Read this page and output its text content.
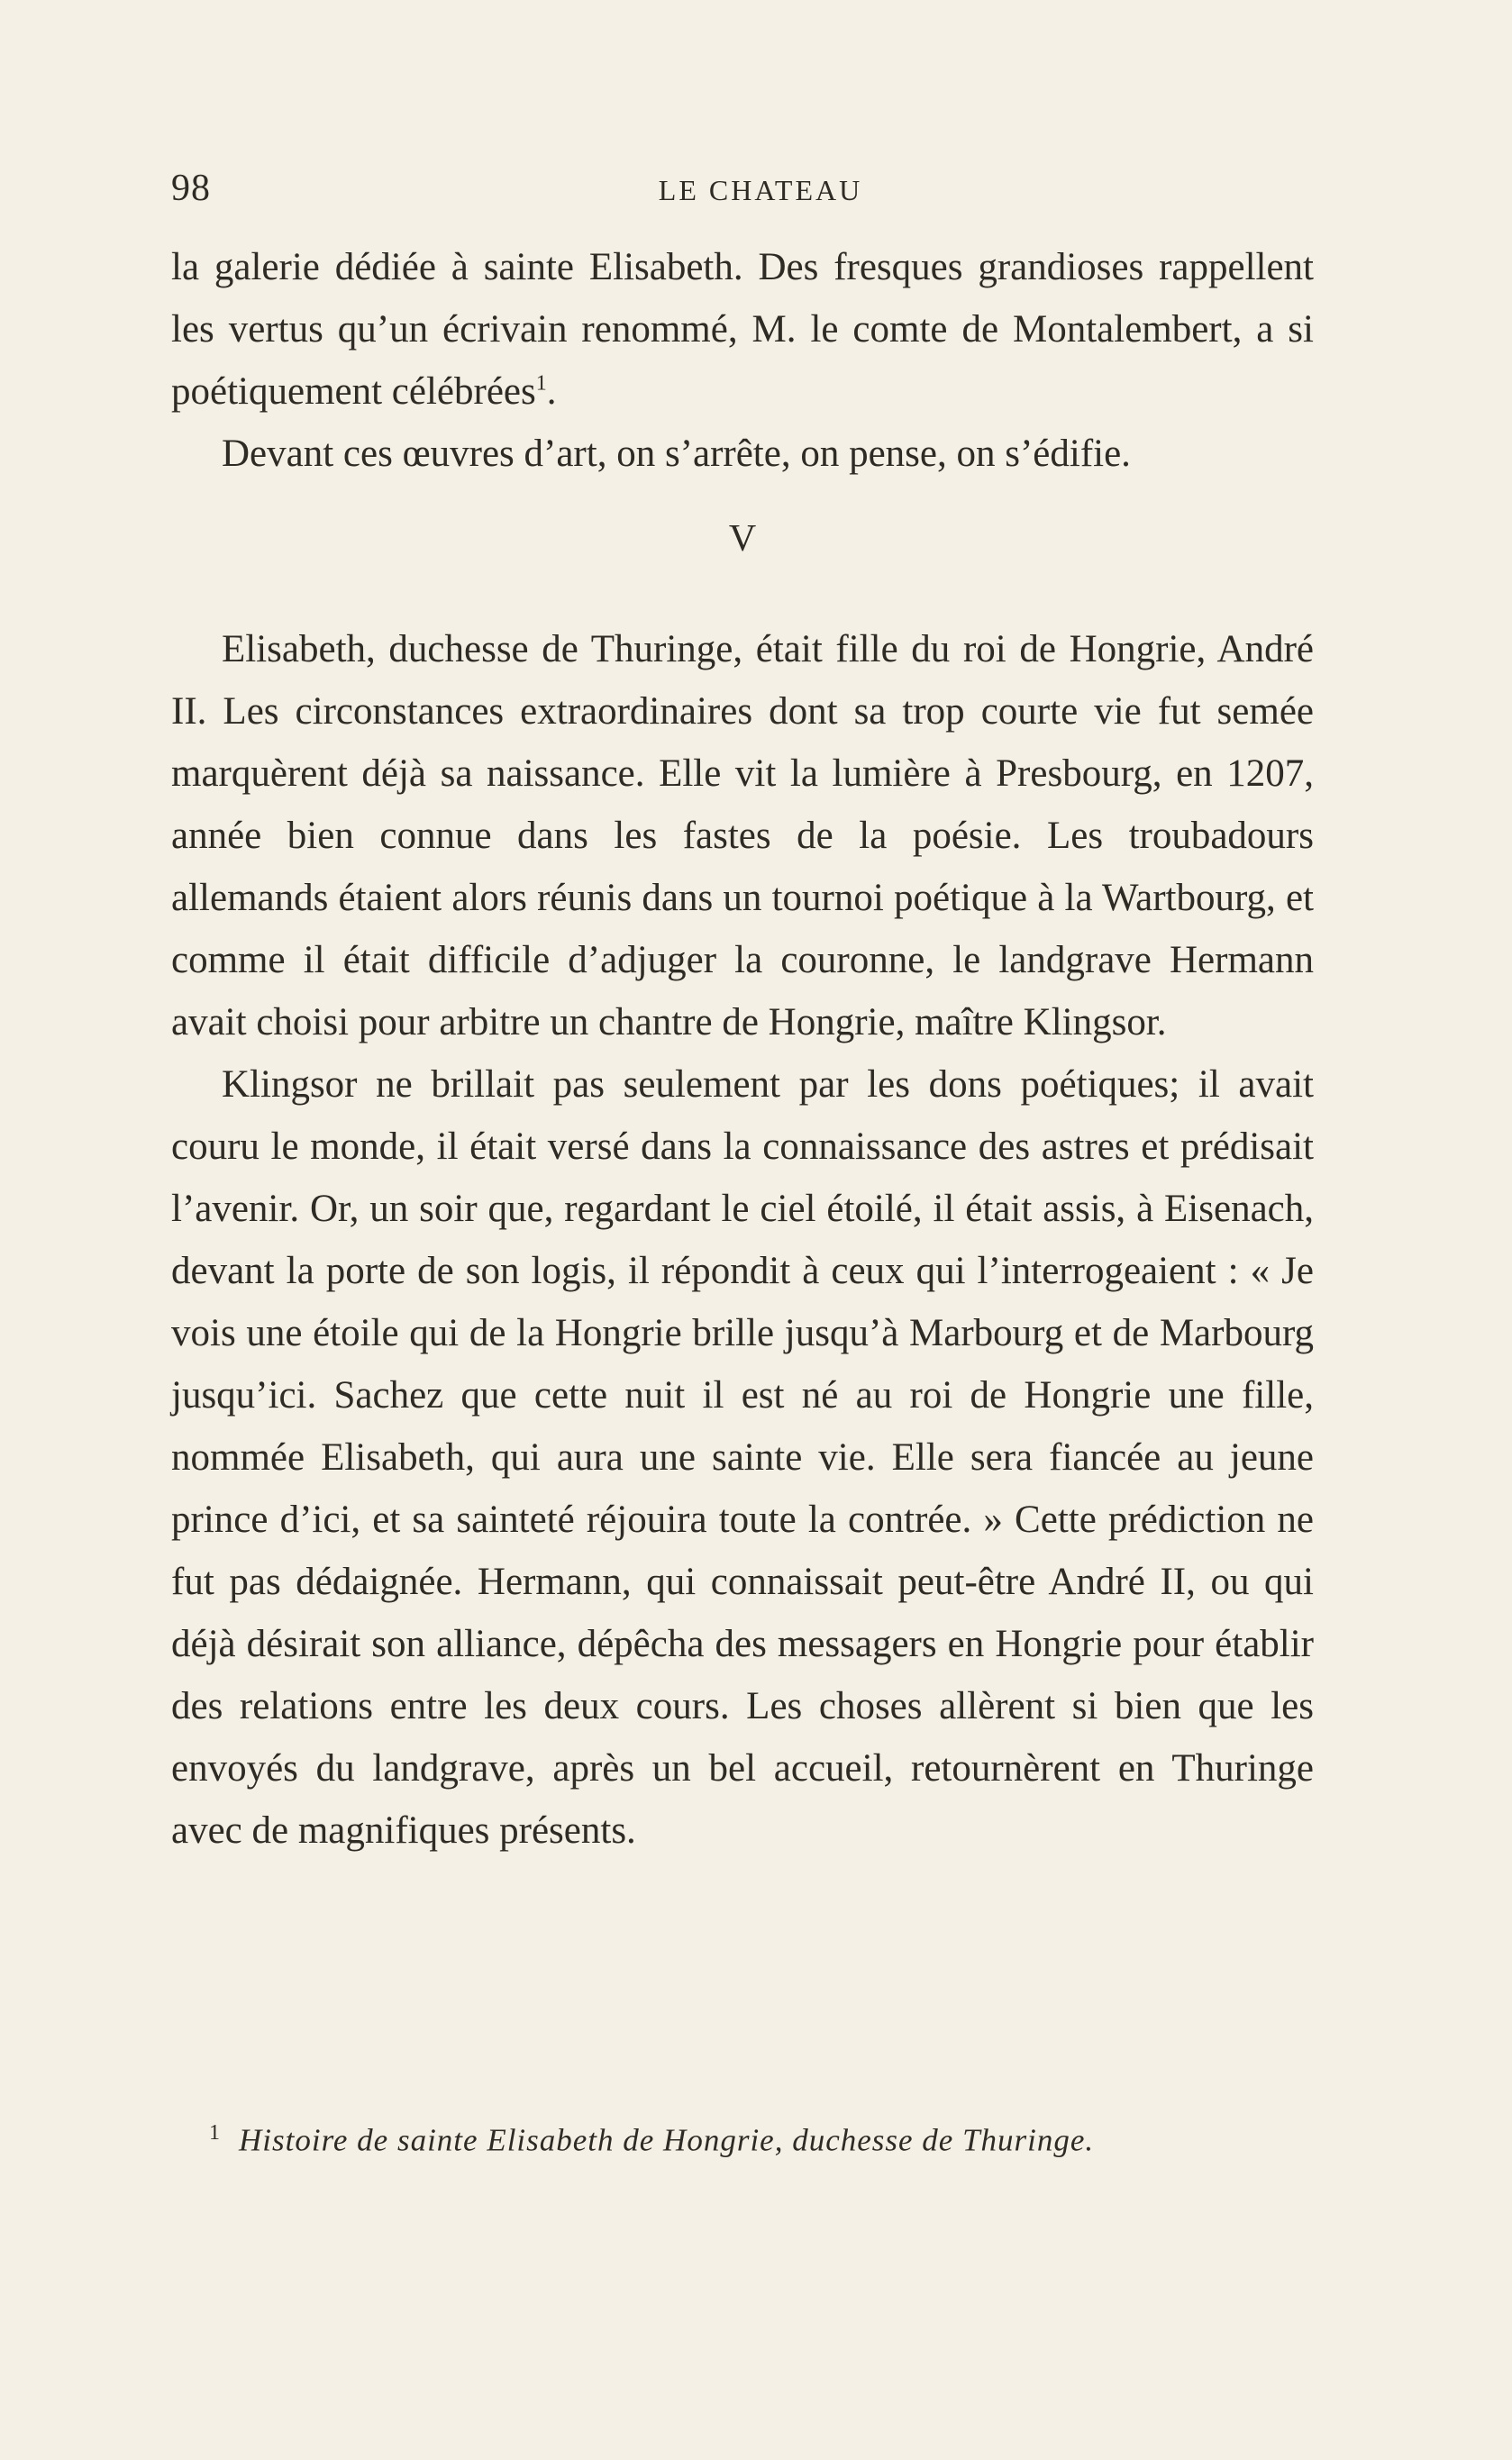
98	LE CHATEAU

la galerie dédiée à sainte Elisabeth. Des fresques grandioses rappellent les vertus qu’un écrivain renommé, M. le comte de Montalembert, a si poétiquement célébrées$^1$.

Devant ces œuvres d’art, on s’arrête, on pense, on s’édifie.

V

Elisabeth, duchesse de Thuringe, était fille du roi de Hongrie, André II. Les circonstances extraordinaires dont sa trop courte vie fut semée marquèrent déjà sa naissance. Elle vit la lumière à Presbourg, en 1207, année bien connue dans les fastes de la poésie. Les troubadours allemands étaient alors réunis dans un tournoi poétique à la Wartbourg, et comme il était difficile d’adjuger la couronne, le landgrave Hermann avait choisi pour arbitre un chantre de Hongrie, maître Klingsor.

Klingsor ne brillait pas seulement par les dons poétiques; il avait couru le monde, il était versé dans la connaissance des astres et prédisait l’avenir. Or, un soir que, regardant le ciel étoilé, il était assis, à Eisenach, devant la porte de son logis, il répondit à ceux qui l’interrogeaient : « Je vois une étoile qui de la Hongrie brille jusqu’à Marbourg et de Marbourg jusqu’ici. Sachez que cette nuit il est né au roi de Hongrie une fille, nommée Elisabeth, qui aura une sainte vie. Elle sera fiancée au jeune prince d’ici, et sa sainteté réjouira toute la contrée. » Cette prédiction ne fut pas dédaignée. Hermann, qui connaissait peut-être André II, ou qui déjà désirait son alliance, dépêcha des messagers en Hongrie pour établir des relations entre les deux cours. Les choses allèrent si bien que les envoyés du landgrave, après un bel accueil, retournèrent en Thuringe avec de magnifiques présents.

$^1$ Histoire de sainte Elisabeth de Hongrie, duchesse de Thuringe.
